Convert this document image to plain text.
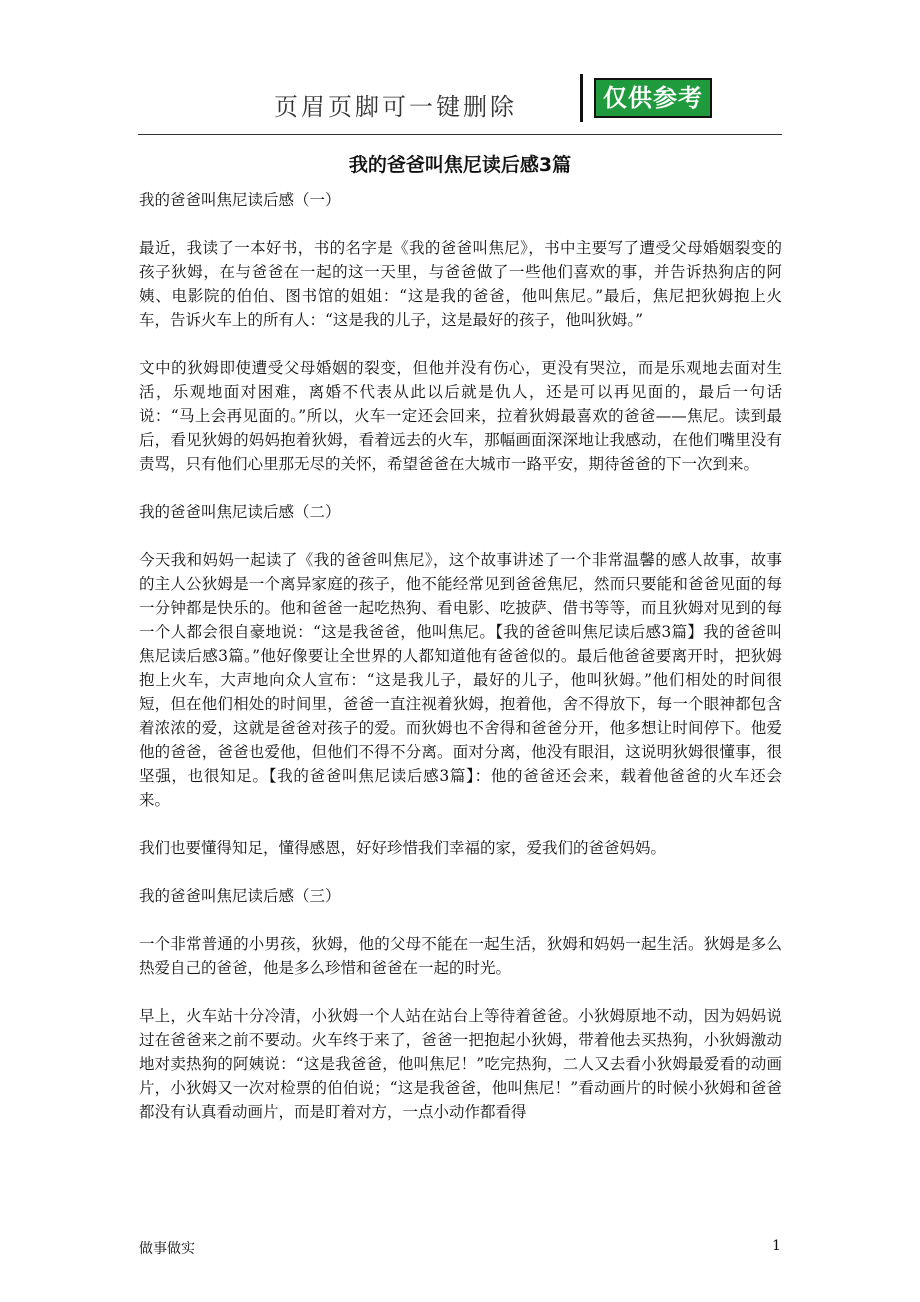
页眉页脚可一键删除	仅供参考
我的爸爸叫焦尼读后感3篇

我的爸爸叫焦尼读后感（一）

最近，我读了一本好书，书的名字是《我的爸爸叫焦尼》，书中主要写了遭受父母婚姻裂变的孩子狄姆，在与爸爸在一起的这一天里，与爸爸做了一些他们喜欢的事，并告诉热狗店的阿姨、电影院的伯伯、图书馆的姐姐：“这是我的爸爸，他叫焦尼。”最后，焦尼把狄姆抱上火车，告诉火车上的所有人：“这是我的儿子，这是最好的孩子，他叫狄姆。”

文中的狄姆即使遭受父母婚姻的裂变，但他并没有伤心，更没有哭泣，而是乐观地去面对生活，乐观地面对困难，离婚不代表从此以后就是仇人，还是可以再见面的，最后一句话说：“马上会再见面的。”所以，火车一定还会回来，拉着狄姆最喜欢的爸爸——焦尼。读到最后，看见狄姆的妈妈抱着狄姆，看着远去的火车，那幅画面深深地让我感动，在他们嘴里没有责骂，只有他们心里那无尽的关怀，希望爸爸在大城市一路平安，期待爸爸的下一次到来。

我的爸爸叫焦尼读后感（二）

今天我和妈妈一起读了《我的爸爸叫焦尼》，这个故事讲述了一个非常温馨的感人故事，故事的主人公狄姆是一个离异家庭的孩子，他不能经常见到爸爸焦尼，然而只要能和爸爸见面的每一分钟都是快乐的。他和爸爸一起吃热狗、看电影、吃披萨、借书等等，而且狄姆对见到的每一个人都会很自豪地说：“这是我爸爸，他叫焦尼。【我的爸爸叫焦尼读后感3篇】我的爸爸叫焦尼读后感3篇。”他好像要让全世界的人都知道他有爸爸似的。最后他爸爸要离开时，把狄姆抱上火车，大声地向众人宣布：“这是我儿子，最好的儿子，他叫狄姆。”他们相处的时间很短，但在他们相处的时间里，爸爸一直注视着狄姆，抱着他，舍不得放下，每一个眼神都包含着浓浓的爱，这就是爸爸对孩子的爱。而狄姆也不舍得和爸爸分开，他多想让时间停下。他爱他的爸爸，爸爸也爱他，但他们不得不分离。面对分离，他没有眼泪，这说明狄姆很懂事，很坚强，也很知足。【我的爸爸叫焦尼读后感3篇】：他的爸爸还会来，载着他爸爸的火车还会来。

我们也要懂得知足，懂得感恩，好好珍惜我们幸福的家，爱我们的爸爸妈妈。

我的爸爸叫焦尼读后感（三）

一个非常普通的小男孩，狄姆，他的父母不能在一起生活，狄姆和妈妈一起生活。狄姆是多么热爱自己的爸爸，他是多么珍惜和爸爸在一起的时光。

早上，火车站十分冷清，小狄姆一个人站在站台上等待着爸爸。小狄姆原地不动，因为妈妈说过在爸爸来之前不要动。火车终于来了，爸爸一把抱起小狄姆，带着他去买热狗，小狄姆激动地对卖热狗的阿姨说：“这是我爸爸，他叫焦尼！”吃完热狗，二人又去看小狄姆最爱看的动画片，小狄姆又一次对检票的伯伯说；“这是我爸爸，他叫焦尼！”看动画片的时候小狄姆和爸爸都没有认真看动画片，而是盯着对方，一点小动作都看得

做事做实	1
